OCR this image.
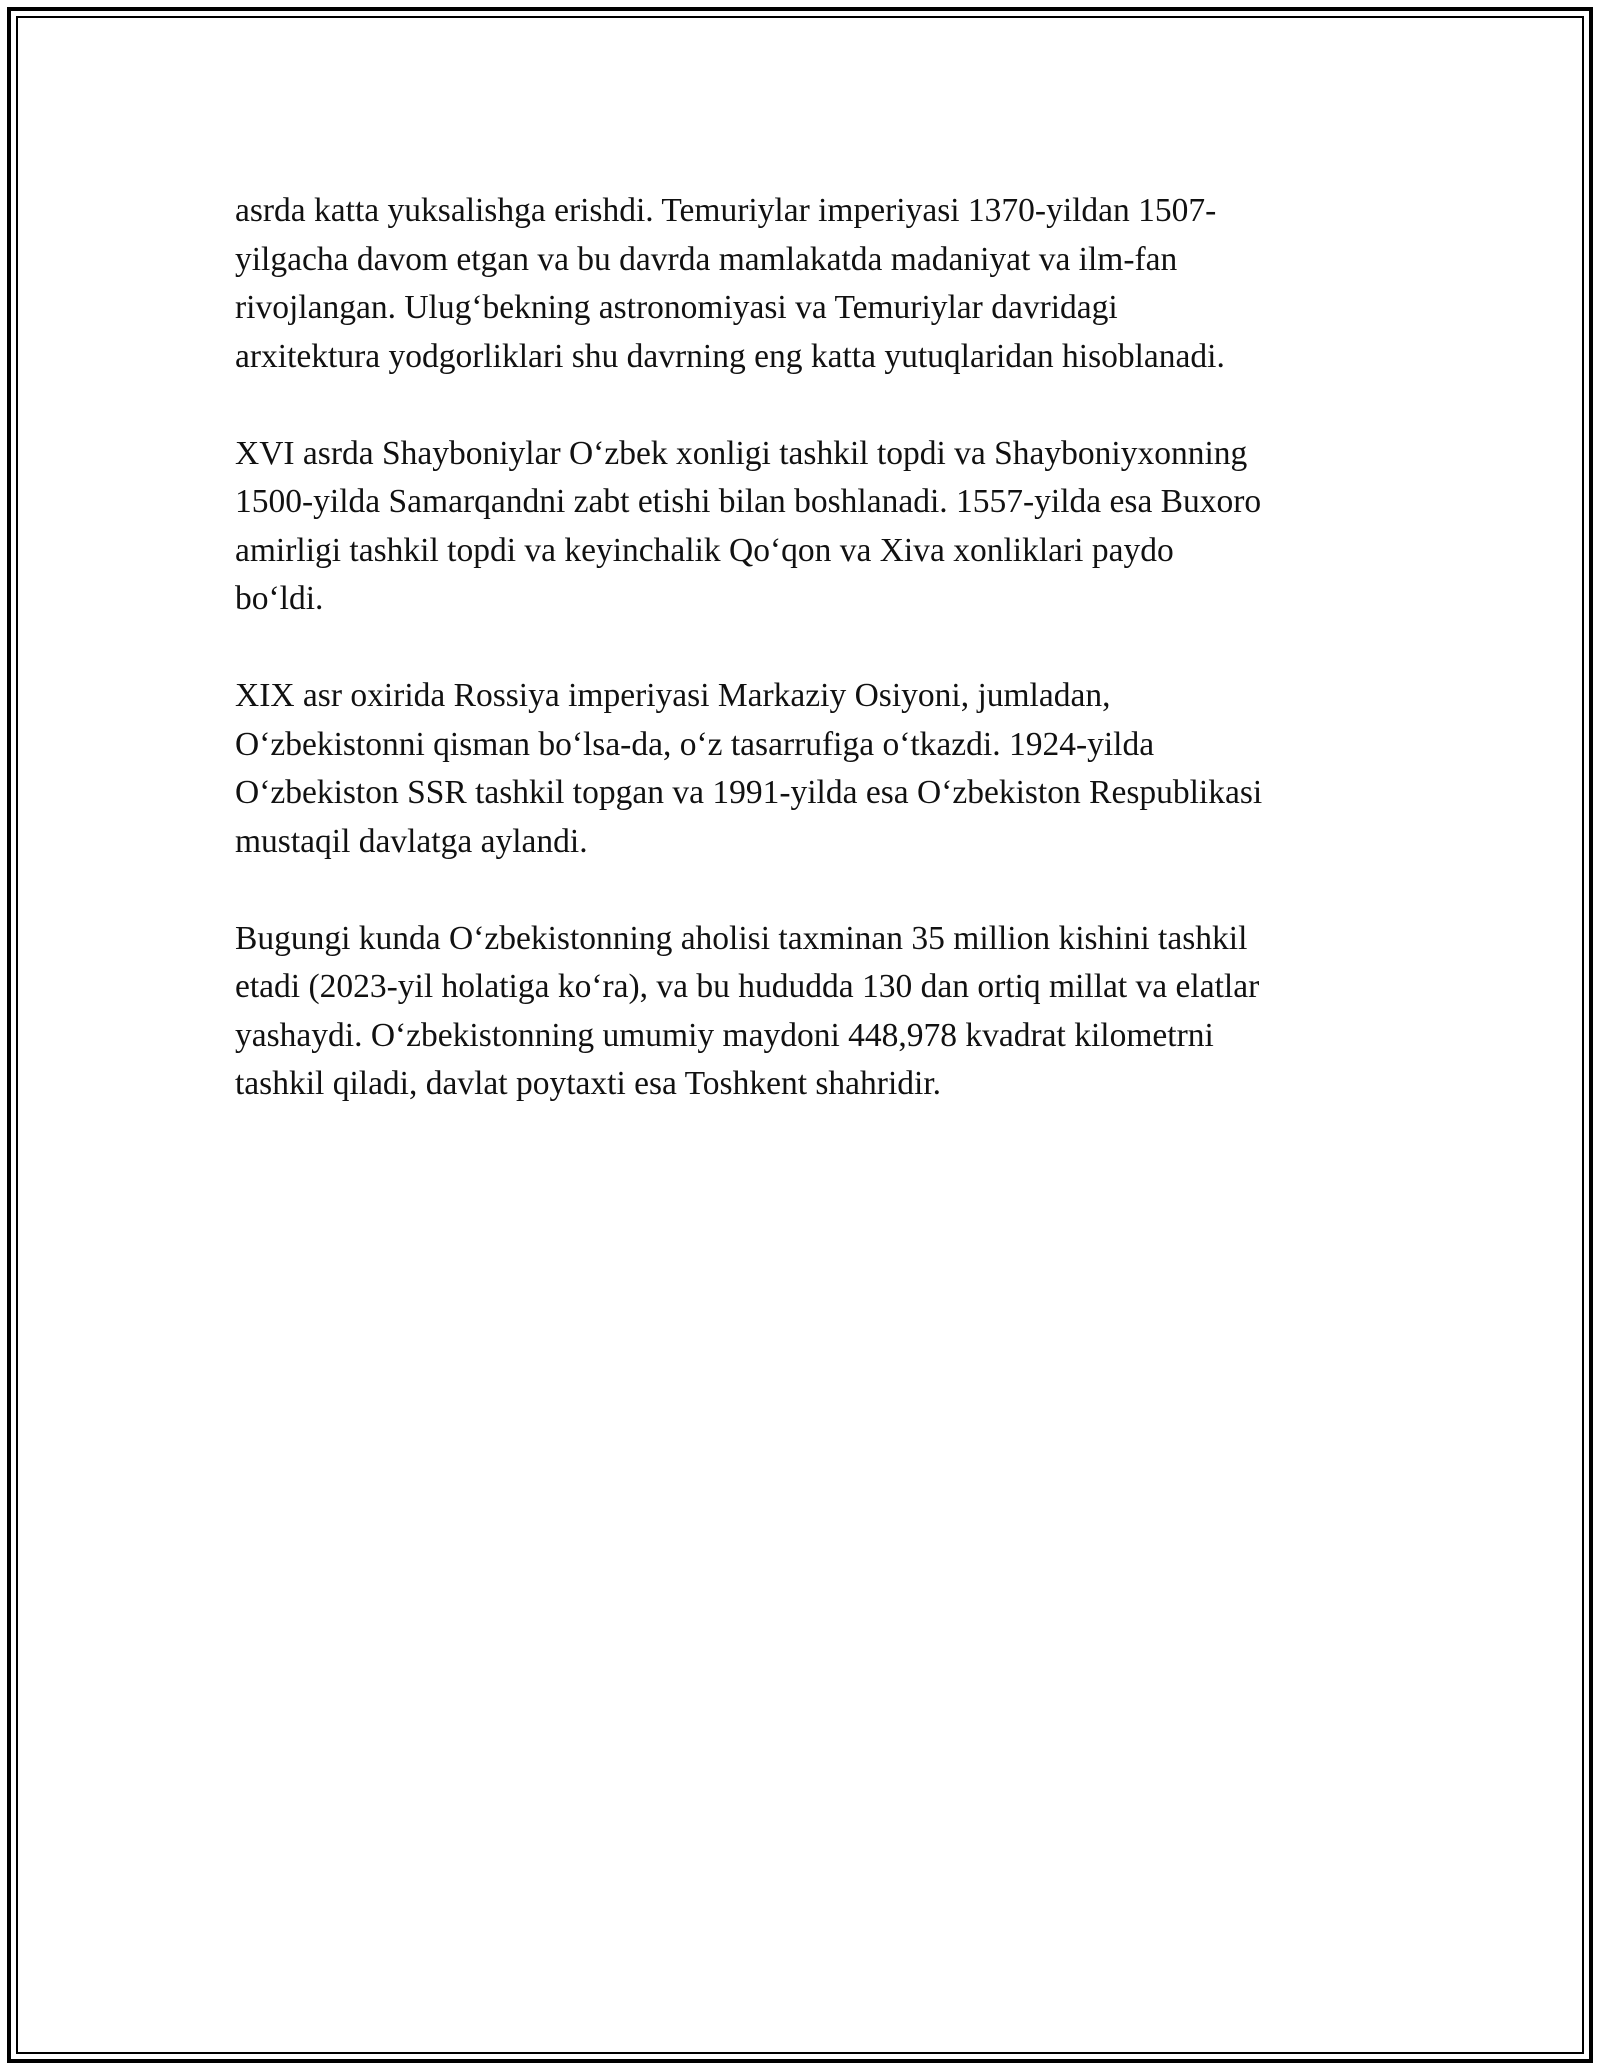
asrda katta yuksalishga erishdi. Temuriylar imperiyasi 1370-yildan 1507-
yilgacha davom etgan va bu davrda mamlakatda madaniyat va ilm-fan
rivojlangan. Ulug‘bekning astronomiyasi va Temuriylar davridagi
arxitektura yodgorliklari shu davrning eng katta yutuqlaridan hisoblanadi.

XVI asrda Shayboniylar O‘zbek xonligi tashkil topdi va Shayboniyxonning
1500-yilda Samarqandni zabt etishi bilan boshlanadi. 1557-yilda esa Buxoro
amirligi tashkil topdi va keyinchalik Qo‘qon va Xiva xonliklari paydo
bo‘ldi.

XIX asr oxirida Rossiya imperiyasi Markaziy Osiyoni, jumladan,
O‘zbekistonni qisman bo‘lsa-da, o‘z tasarrufiga o‘tkazdi. 1924-yilda
O‘zbekiston SSR tashkil topgan va 1991-yilda esa O‘zbekiston Respublikasi
mustaqil davlatga aylandi.

Bugungi kunda O‘zbekistonning aholisi taxminan 35 million kishini tashkil
etadi (2023-yil holatiga ko‘ra), va bu hududda 130 dan ortiq millat va elatlar
yashaydi. O‘zbekistonning umumiy maydoni 448,978 kvadrat kilometrni
tashkil qiladi, davlat poytaxti esa Toshkent shahridir.
